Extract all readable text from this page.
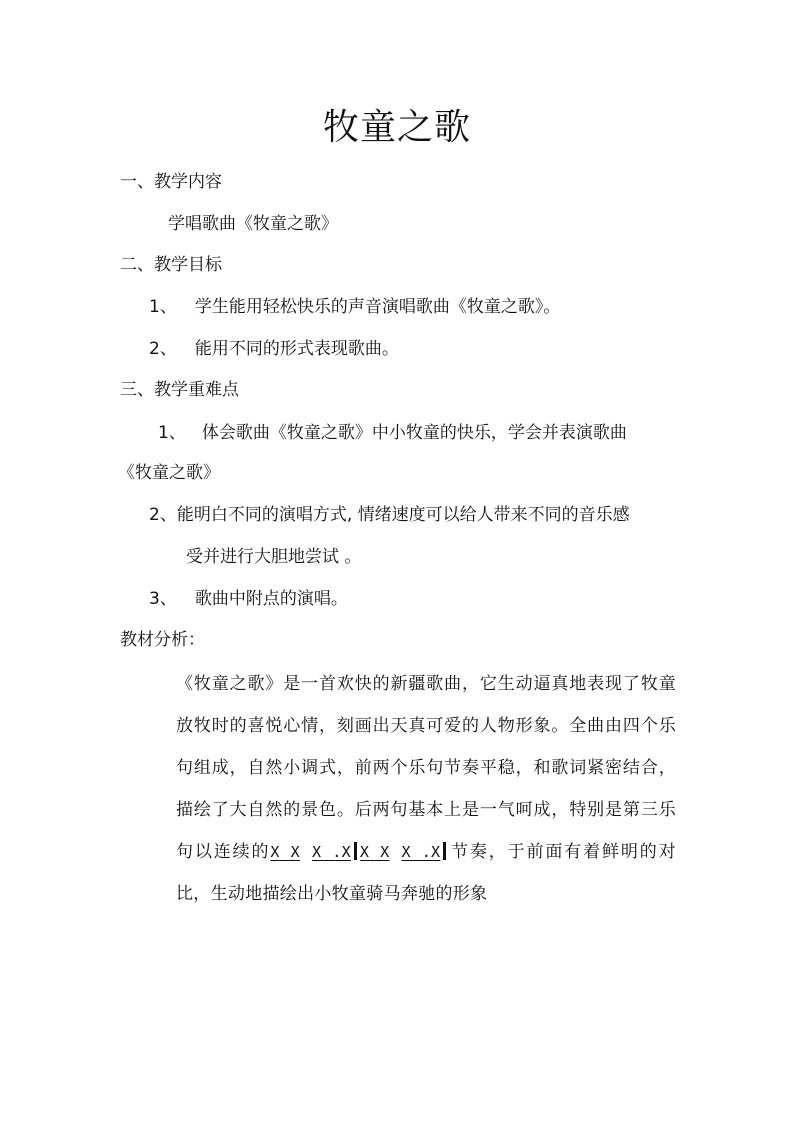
牧童之歌
一、教学内容
学唱歌曲《牧童之歌》
二、教学目标
1、 学生能用轻松快乐的声音演唱歌曲《牧童之歌》。
2、 能用不同的形式表现歌曲。
三、教学重难点
1、 体会歌曲《牧童之歌》中小牧童的快乐，学会并表演歌曲
《牧童之歌》
2、能明白不同的演唱方式, 情绪速度可以给人带来不同的音乐感
受并进行大胆地尝试 。
3、 歌曲中附点的演唱。
教材分析：
《牧童之歌》是一首欢快的新疆歌曲，它生动逼真地表现了牧童放牧时的喜悦心情，刻画出天真可爱的人物形象。全曲由四个乐句组成，自然小调式，前两个乐句节奏平稳，和歌词紧密结合，描绘了大自然的景色。后两句基本上是一气呵成，特别是第三乐句以连续的X X X .X X X X .X 节奏，于前面有着鲜明的对比，生动地描绘出小牧童骑马奔驰的形象
